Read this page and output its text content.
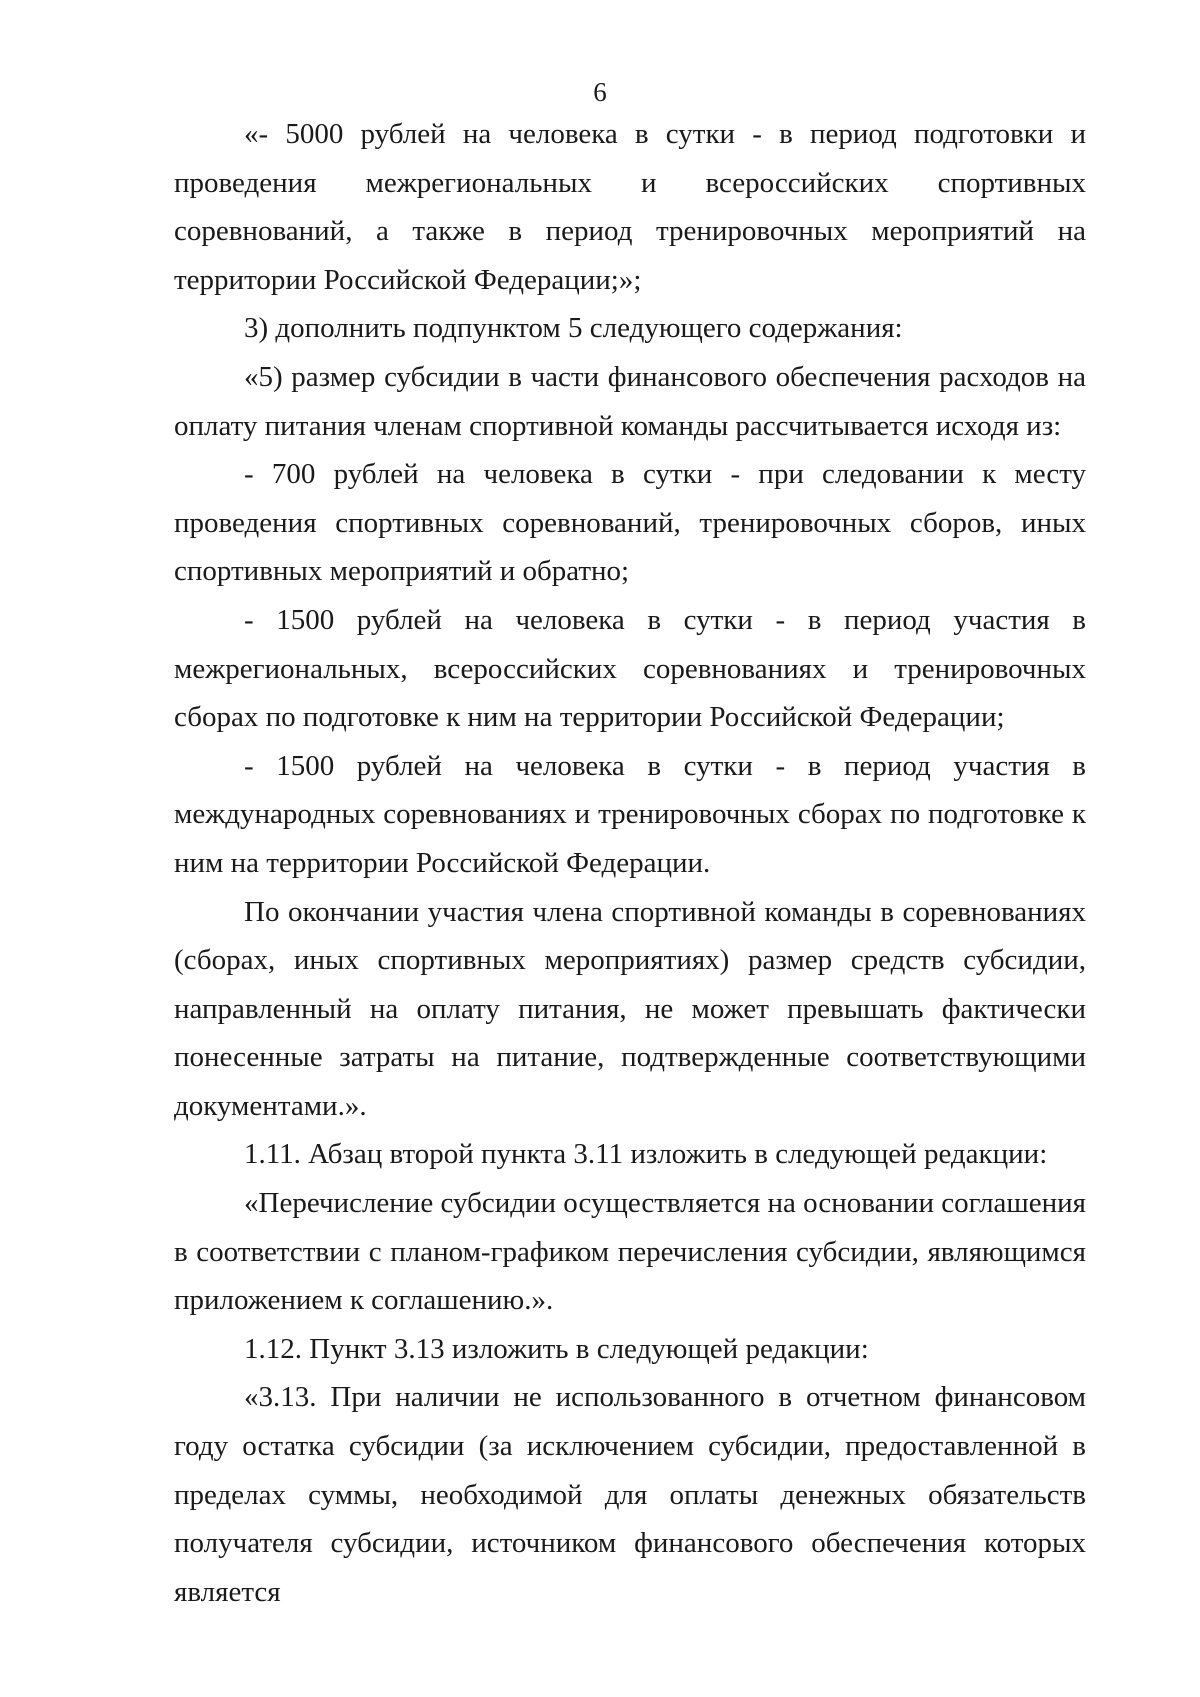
6

«- 5000 рублей на человека в сутки - в период подготовки и проведения межрегиональных и всероссийских спортивных соревнований, а также в период тренировочных мероприятий на территории Российской Федерации;»;

3) дополнить подпунктом 5 следующего содержания:

«5) размер субсидии в части финансового обеспечения расходов на оплату питания членам спортивной команды рассчитывается исходя из:

- 700 рублей на человека в сутки - при следовании к месту проведения спортивных соревнований, тренировочных сборов, иных спортивных мероприятий и обратно;

- 1500 рублей на человека в сутки - в период участия в межрегиональных, всероссийских соревнованиях и тренировочных сборах по подготовке к ним на территории Российской Федерации;

- 1500 рублей на человека в сутки - в период участия в международных соревнованиях и тренировочных сборах по подготовке к ним на территории Российской Федерации.

По окончании участия члена спортивной команды в соревнованиях (сборах, иных спортивных мероприятиях) размер средств субсидии, направленный на оплату питания, не может превышать фактически понесенные затраты на питание, подтвержденные соответствующими документами.».

1.11. Абзац второй пункта 3.11 изложить в следующей редакции:

«Перечисление субсидии осуществляется на основании соглашения в соответствии с планом-графиком перечисления субсидии, являющимся приложением к соглашению.».

1.12. Пункт 3.13 изложить в следующей редакции:

«3.13. При наличии не использованного в отчетном финансовом году остатка субсидии (за исключением субсидии, предоставленной в пределах суммы, необходимой для оплаты денежных обязательств получателя субсидии, источником финансового обеспечения которых является
